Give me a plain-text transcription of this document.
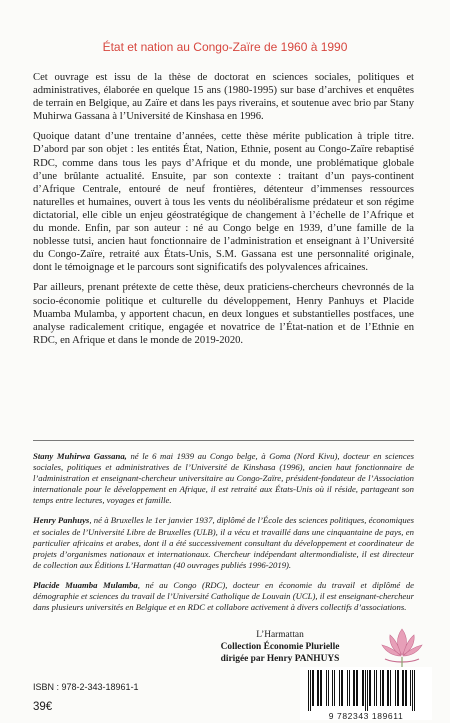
État et nation au Congo-Zaïre de 1960 à 1990

Cet ouvrage est issu de la thèse de doctorat en sciences sociales, politiques et administratives, élaborée en quelque 15 ans (1980-1995) sur base d’archives et enquêtes de terrain en Belgique, au Zaïre et dans les pays riverains, et soutenue avec brio par Stany Muhirwa Gassana à l’Université de Kinshasa en 1996.

Quoique datant d’une trentaine d’années, cette thèse mérite publication à triple titre. D’abord par son objet : les entités État, Nation, Ethnie, posent au Congo-Zaïre rebaptisé RDC, comme dans tous les pays d’Afrique et du monde, une problématique globale d’une brûlante actualité. Ensuite, par son contexte : traitant d’un pays-continent d’Afrique Centrale, entouré de neuf frontières, détenteur d’immenses ressources naturelles et humaines, ouvert à tous les vents du néolibéralisme prédateur et son régime dictatorial, elle cible un enjeu géostratégique de changement à l’échelle de l’Afrique et du monde. Enfin, par son auteur : né au Congo belge en 1939, d’une famille de la noblesse tutsi, ancien haut fonctionnaire de l’administration et enseignant à l’Université du Congo-Zaïre, retraité aux États-Unis, S.M. Gassana est une personnalité originale, dont le témoignage et le parcours sont significatifs des polyvalences africaines.

Par ailleurs, prenant prétexte de cette thèse, deux praticiens-chercheurs chevronnés de la socio-économie politique et culturelle du développement, Henry Panhuys et Placide Muamba Mulamba, y apportent chacun, en deux longues et substantielles postfaces, une analyse radicalement critique, engagée et novatrice de l’État-nation et de l’Ethnie en RDC, en Afrique et dans le monde de 2019-2020.

Stany Muhirwa Gassana, né le 6 mai 1939 au Congo belge, à Goma (Nord Kivu), docteur en sciences sociales, politiques et administratives de l’Université de Kinshasa (1996), ancien haut fonctionnaire de l’administration et enseignant-chercheur universitaire au Congo-Zaïre, président-fondateur de l’Association internationale pour le développement en Afrique, il est retraité aux États-Unis où il réside, partageant son temps entre lectures, voyages et famille.

Henry Panhuys, né à Bruxelles le 1er janvier 1937, diplômé de l’École des sciences politiques, économiques et sociales de l’Université Libre de Bruxelles (ULB), il a vécu et travaillé dans une cinquantaine de pays, en particulier africains et arabes, dont il a été successivement consultant du développement et coordinateur de projets d’organismes nationaux et internationaux. Chercheur indépendant altermondialiste, il est directeur de collection aux Éditions L’Harmattan (40 ouvrages publiés 1996-2019).

Placide Muamba Mulamba, né au Congo (RDC), docteur en économie du travail et diplômé de démographie et sciences du travail de l’Université Catholique de Louvain (UCL), il est enseignant-chercheur dans plusieurs universités en Belgique et en RDC et collabore activement à divers collectifs d’associations.

L’Harmattan
Collection Économie Plurielle
dirigée par Henry PANHUYS
ISBN : 978-2-343-18961-1
39€
9 782343 189611
